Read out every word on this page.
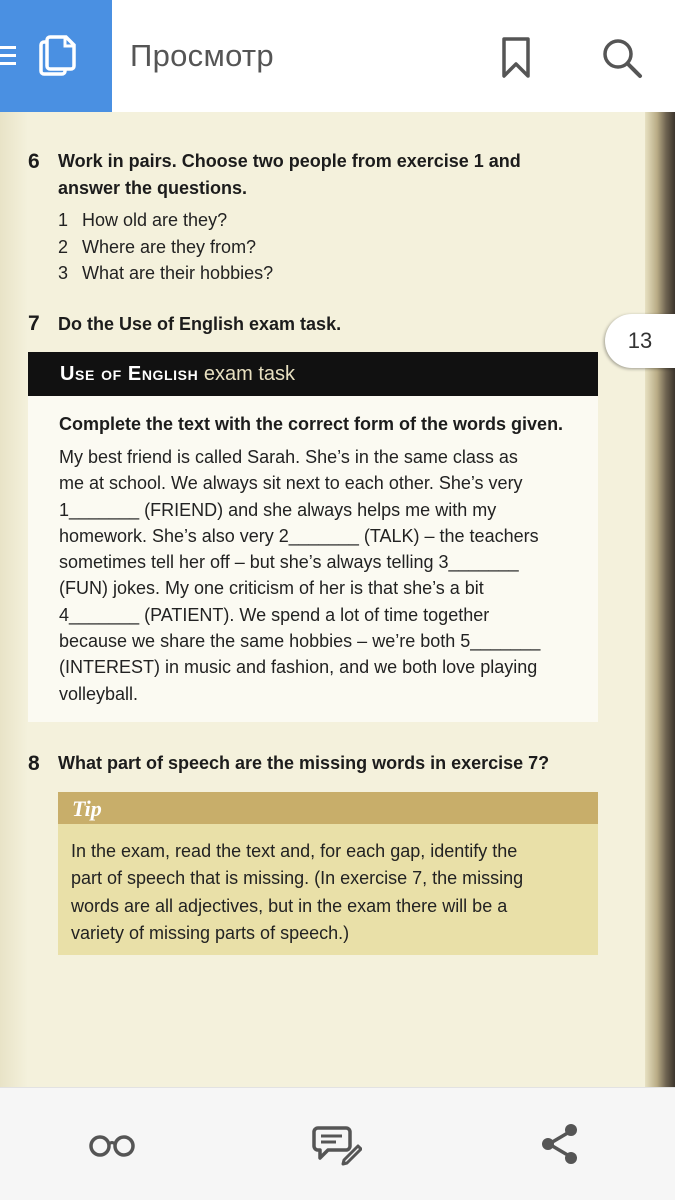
Просмотр
6 Work in pairs. Choose two people from exercise 1 and
answer the questions.
1 How old are they?
2 Where are they from?
3 What are their hobbies?
7 Do the Use of English exam task.
Use of English exam task
Complete the text with the correct form of the words given.
My best friend is called Sarah. She’s in the same class as
me at school. We always sit next to each other. She’s very
1_______ (FRIEND) and she always helps me with my
homework. She’s also very 2_______ (TALK) – the teachers
sometimes tell her off – but she’s always telling 3_______
(FUN) jokes. My one criticism of her is that she’s a bit
4_______ (PATIENT). We spend a lot of time together
because we share the same hobbies – we’re both 5_______
(INTEREST) in music and fashion, and we both love playing
volleyball.
8 What part of speech are the missing words in exercise 7?
Tip
In the exam, read the text and, for each gap, identify the
part of speech that is missing. (In exercise 7, the missing
words are all adjectives, but in the exam there will be a
variety of missing parts of speech.)
13
